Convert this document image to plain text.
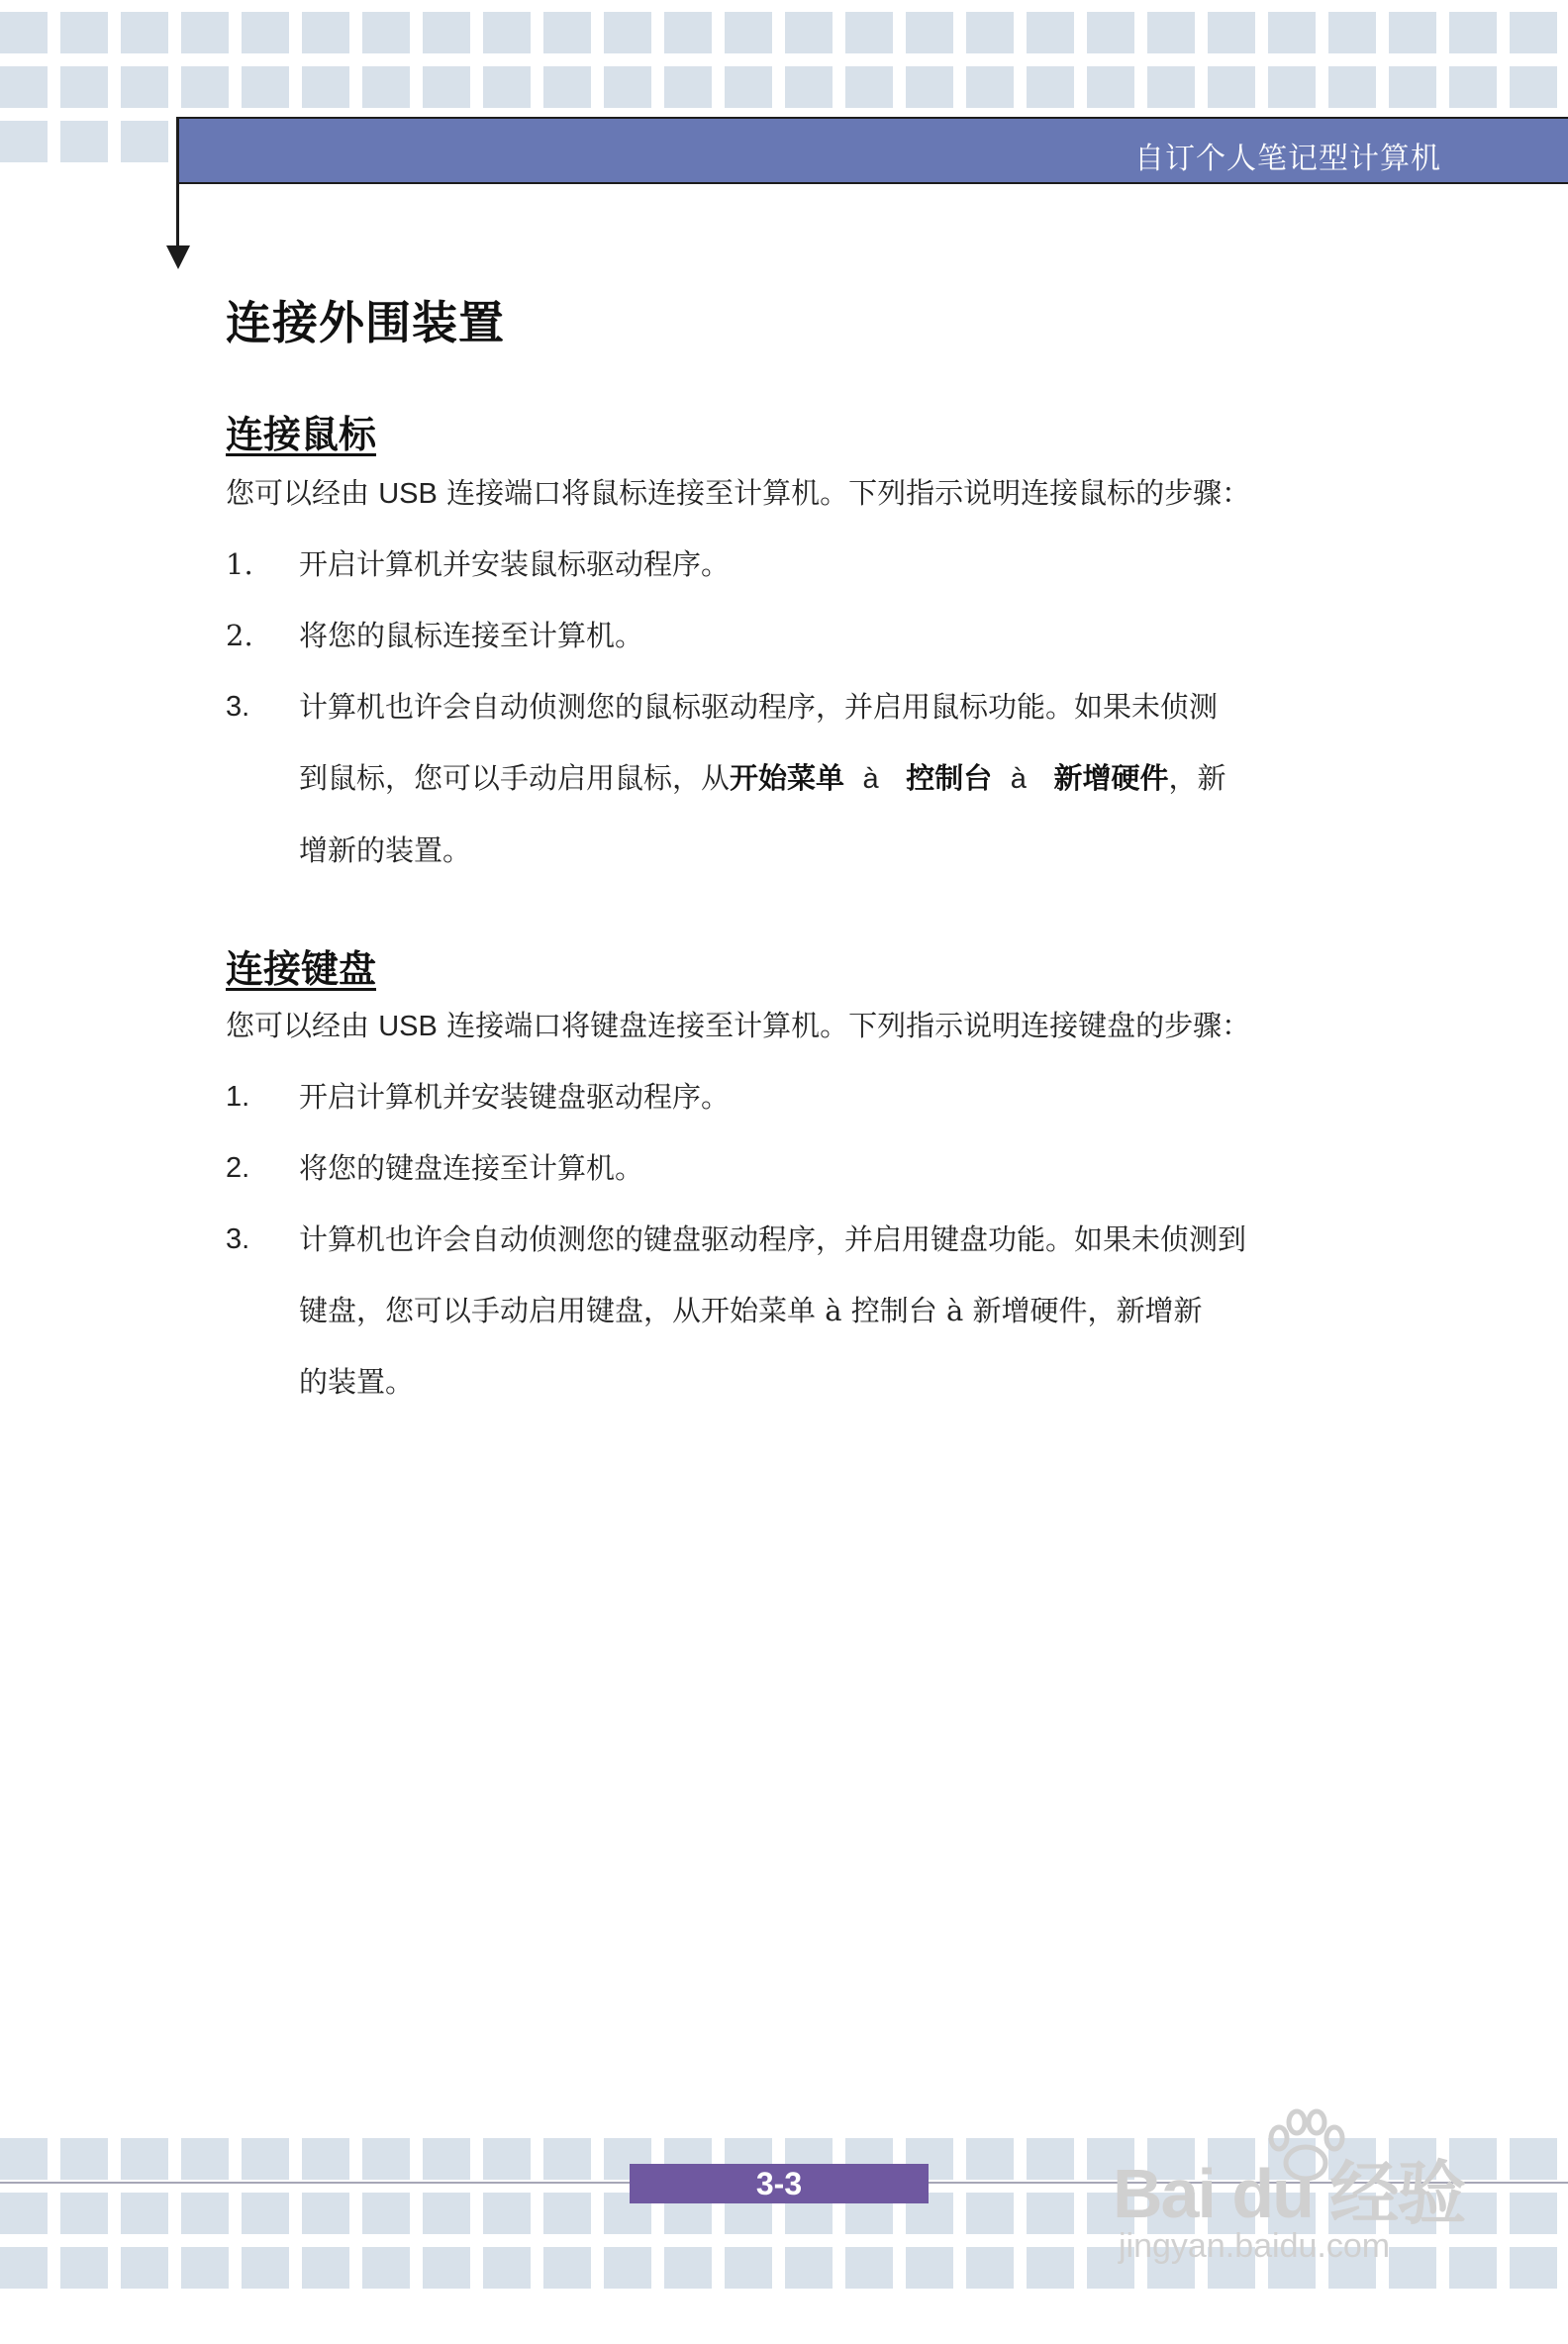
自订个人笔记型计算机
连接外围装置
连接鼠标
您可以经由 USB 连接端口将鼠标连接至计算机。下列指示说明连接鼠标的步骤：
1.	开启计算机并安装鼠标驱动程序。
2.	将您的鼠标连接至计算机。
3.	计算机也许会自动侦测您的鼠标驱动程序，并启用鼠标功能。如果未侦测
到鼠标，您可以手动启用鼠标，从开始菜单 à 控制台 à 新增硬件，新
增新的装置。
连接键盘
您可以经由 USB 连接端口将键盘连接至计算机。下列指示说明连接键盘的步骤：
1.	开启计算机并安装键盘驱动程序。
2.	将您的键盘连接至计算机。
3.	计算机也许会自动侦测您的键盘驱动程序，并启用键盘功能。如果未侦测到
键盘，您可以手动启用键盘，从开始菜单 à 控制台 à 新增硬件，新增新
的装置。
3-3	Bai du 经验
jingyan.baidu.com
